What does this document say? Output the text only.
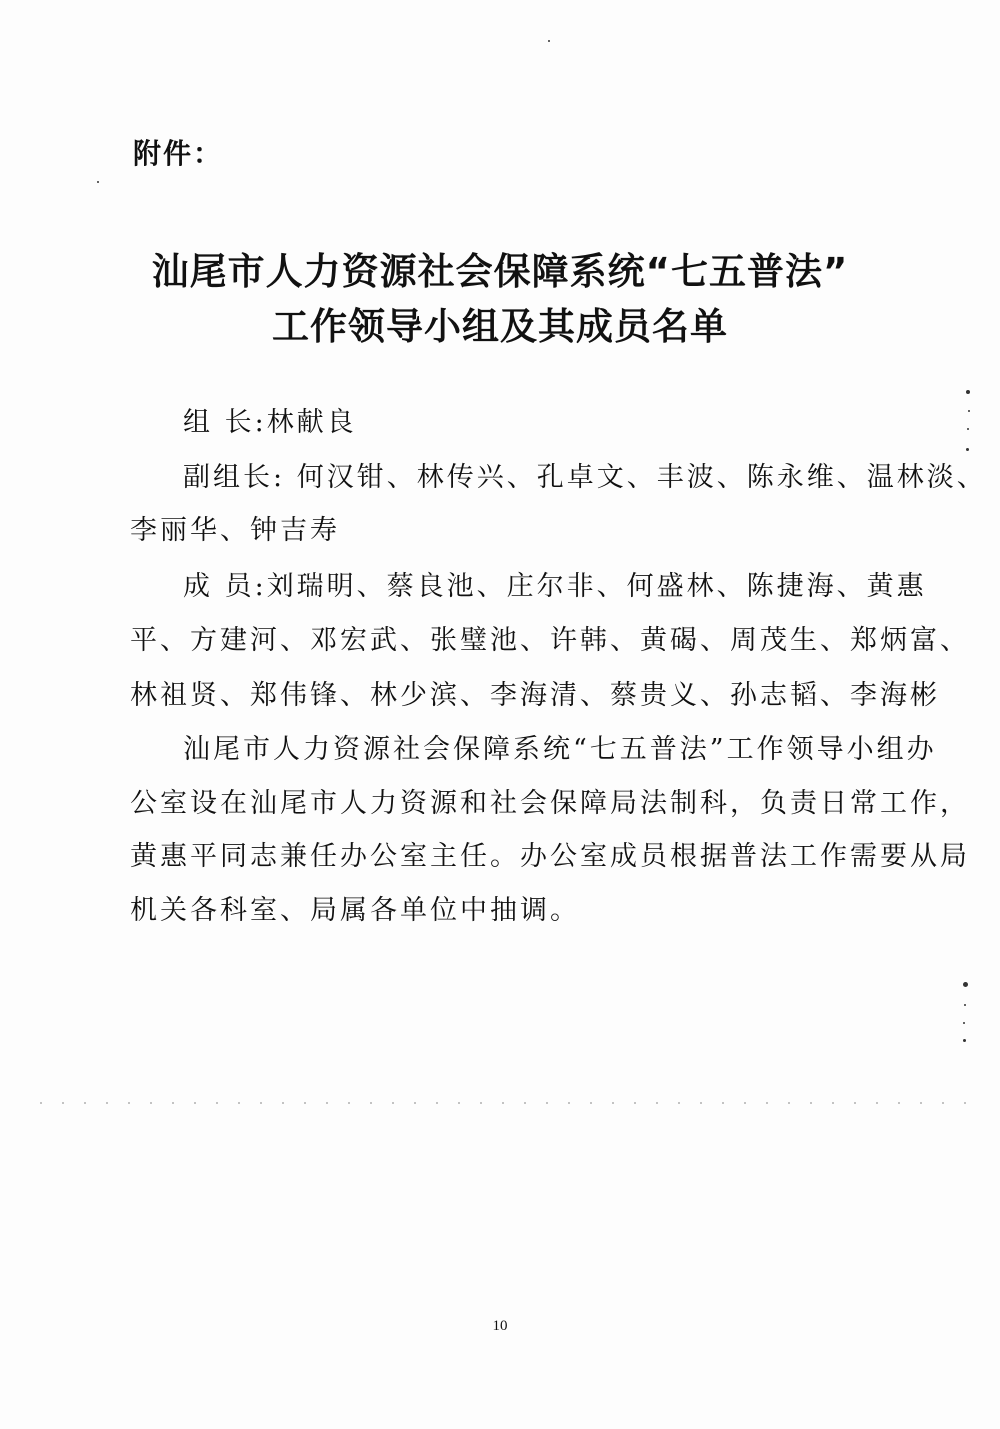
附件：
汕尾市人力资源社会保障系统“七五普法”
工作领导小组及其成员名单
组 长:林献良
副组长: 何汉钳、林传兴、孔卓文、丰波、陈永维、温林淡、
李丽华、钟吉寿
成 员:刘瑞明、蔡良池、庄尔非、何盛林、陈捷海、黄惠
平、方建河、邓宏武、张璧池、许韩、黄碣、周茂生、郑炳富、
林祖贤、郑伟锋、林少滨、李海清、蔡贵义、孙志韬、李海彬
汕尾市人力资源社会保障系统“七五普法”工作领导小组办
公室设在汕尾市人力资源和社会保障局法制科，负责日常工作，
黄惠平同志兼任办公室主任。办公室成员根据普法工作需要从局
机关各科室、局属各单位中抽调。
10
